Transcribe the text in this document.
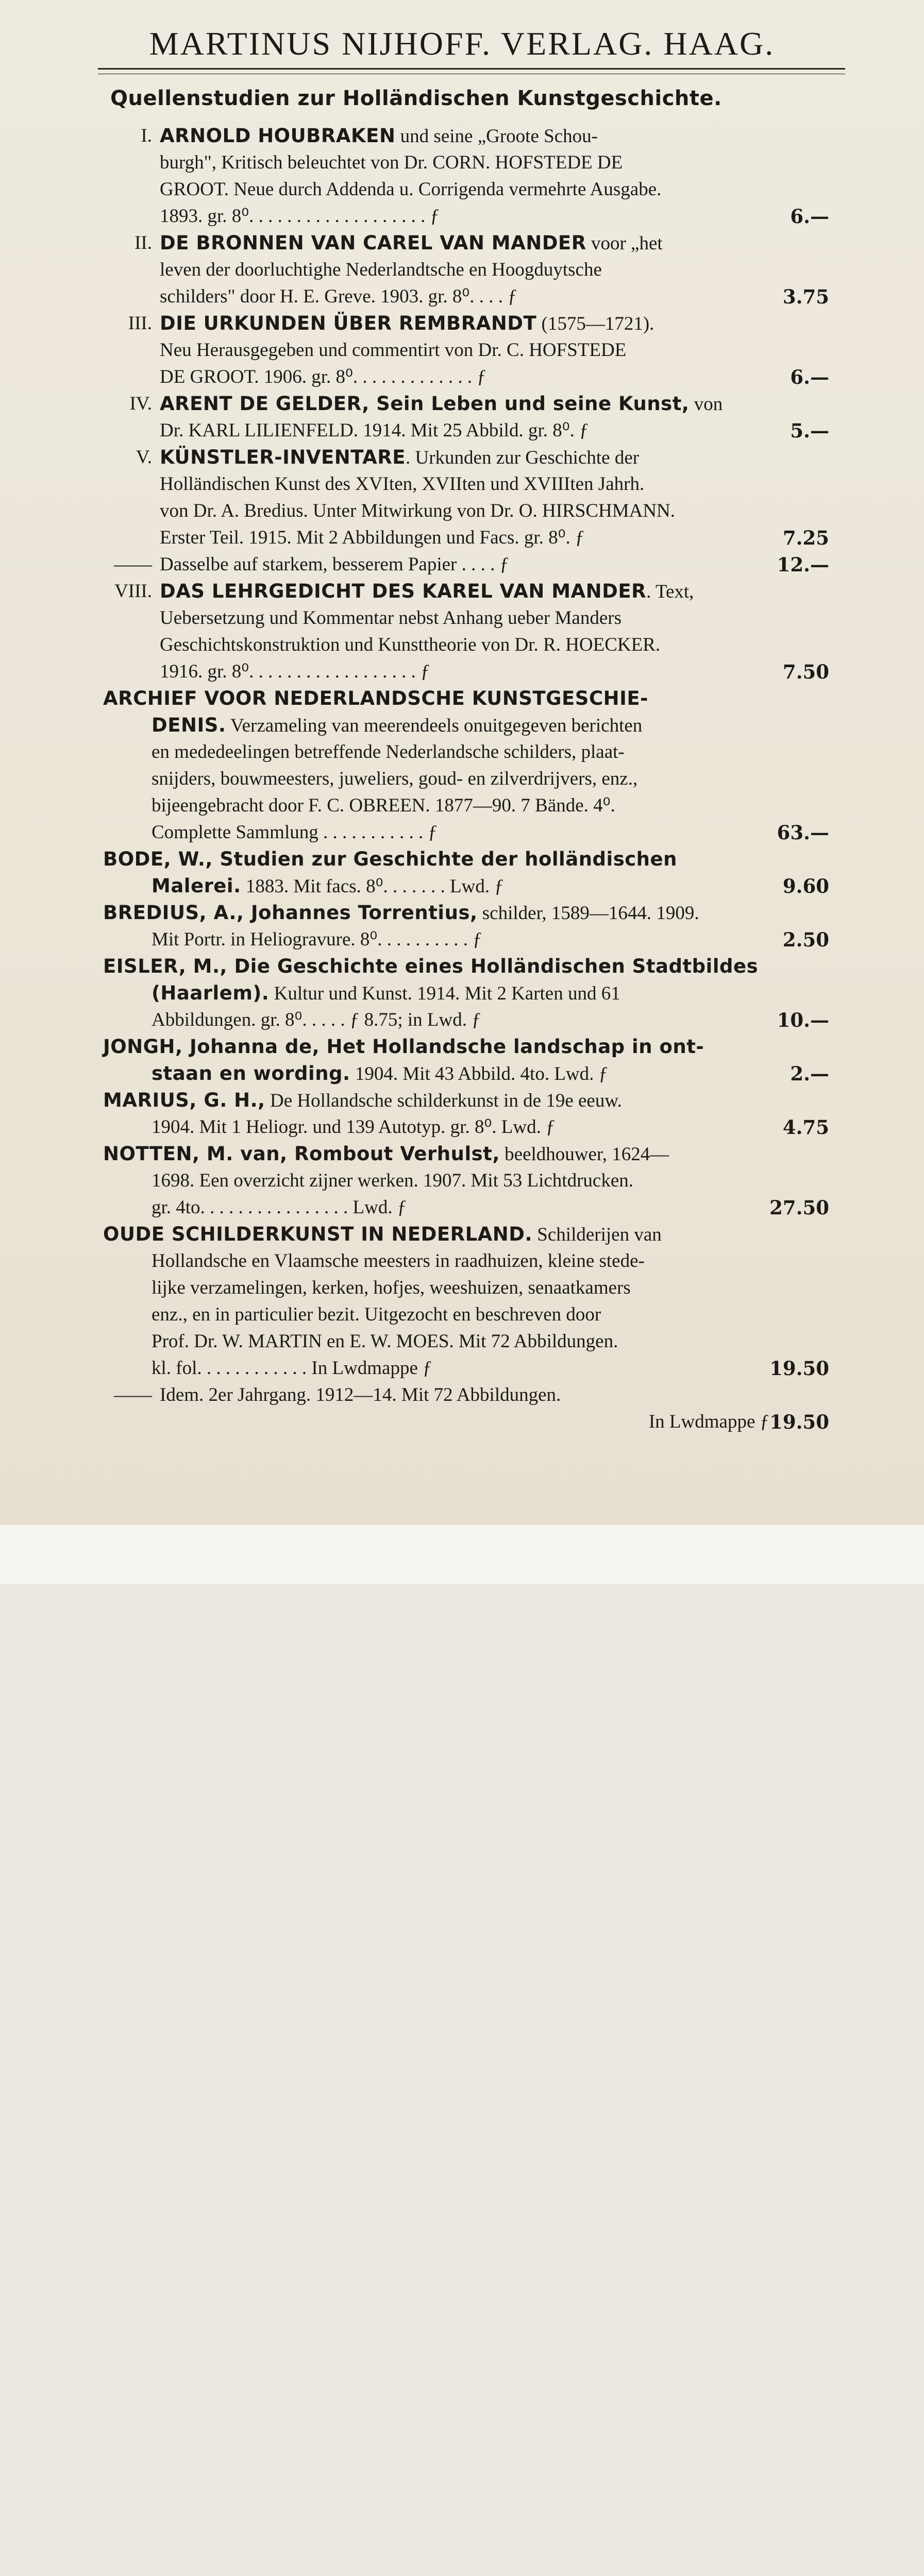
MARTINUS NIJHOFF. VERLAG. HAAG.
Quellenstudien zur Holländischen Kunstgeschichte.
I. ARNOLD HOUBRAKEN und seine „Groote Schou-
burgh", Kritisch beleuchtet von Dr. CORN. HOFSTEDE DE
GROOT. Neue durch Addenda u. Corrigenda vermehrte Ausgabe.
1893. gr. 8⁰. . . . . . . . . . . . . . . . . . . ƒ	6.—
II. DE BRONNEN VAN CAREL VAN MANDER voor „het
leven der doorluchtighe Nederlandtsche en Hoogduytsche
schilders" door H. E. Greve. 1903. gr. 8⁰. . . . ƒ	3.75
III. DIE URKUNDEN ÜBER REMBRANDT (1575—1721).
Neu Herausgegeben und commentirt von Dr. C. HOFSTEDE
DE GROOT. 1906. gr. 8⁰. . . . . . . . . . . . . ƒ	6.—
IV. ARENT DE GELDER, Sein Leben und seine Kunst, von
Dr. KARL LILIENFELD. 1914. Mit 25 Abbild. gr. 8⁰. ƒ	5.—
V. KÜNSTLER-INVENTARE. Urkunden zur Geschichte der
Holländischen Kunst des XVIten, XVIIten und XVIIIten Jahrh.
von Dr. A. Bredius. Unter Mitwirkung von Dr. O. HIRSCHMANN.
Erster Teil. 1915. Mit 2 Abbildungen und Facs. gr. 8⁰. ƒ	7.25
—— Dasselbe auf starkem, besserem Papier . . . . ƒ	12.—
VIII. DAS LEHRGEDICHT DES KAREL VAN MANDER. Text,
Uebersetzung und Kommentar nebst Anhang ueber Manders
Geschichtskonstruktion und Kunsttheorie von Dr. R. HOECKER.
1916. gr. 8⁰. . . . . . . . . . . . . . . . . . ƒ	7.50
ARCHIEF VOOR NEDERLANDSCHE KUNSTGESCHIE-
DENIS. Verzameling van meerendeels onuitgegeven berichten
en mededeelingen betreffende Nederlandsche schilders, plaat-
snijders, bouwmeesters, juweliers, goud- en zilverdrijvers, enz.,
bijeengebracht door F. C. OBREEN. 1877—90. 7 Bände. 4⁰.
Complette Sammlung . . . . . . . . . . . ƒ	63.—
BODE, W., Studien zur Geschichte der holländischen
Malerei. 1883. Mit facs. 8⁰. . . . . . . Lwd. ƒ	9.60
BREDIUS, A., Johannes Torrentius, schilder, 1589—1644. 1909.
Mit Portr. in Heliogravure. 8⁰. . . . . . . . . . ƒ	2.50
EISLER, M., Die Geschichte eines Holländischen Stadtbildes
(Haarlem). Kultur und Kunst. 1914. Mit 2 Karten und 61
Abbildungen. gr. 8⁰. . . . . ƒ 8.75; in Lwd. ƒ	10.—
JONGH, Johanna de, Het Hollandsche landschap in ont-
staan en wording. 1904. Mit 43 Abbild. 4to. Lwd. ƒ	2.—
MARIUS, G. H., De Hollandsche schilderkunst in de 19e eeuw.
1904. Mit 1 Heliogr. und 139 Autotyp. gr. 8⁰. Lwd. ƒ	4.75
NOTTEN, M. van, Rombout Verhulst, beeldhouwer, 1624—
1698. Een overzicht zijner werken. 1907. Mit 53 Lichtdrucken.
gr. 4to. . . . . . . . . . . . . . . . Lwd. ƒ	27.50
OUDE SCHILDERKUNST IN NEDERLAND. Schilderijen van
Hollandsche en Vlaamsche meesters in raadhuizen, kleine stede-
lijke verzamelingen, kerken, hofjes, weeshuizen, senaatkamers
enz., en in particulier bezit. Uitgezocht en beschreven door
Prof. Dr. W. MARTIN en E. W. MOES. Mit 72 Abbildungen.
kl. fol. . . . . . . . . . . . In Lwdmappe ƒ	19.50
—— Idem. 2er Jahrgang. 1912—14. Mit 72 Abbildungen.
In Lwdmappe ƒ 19.50
